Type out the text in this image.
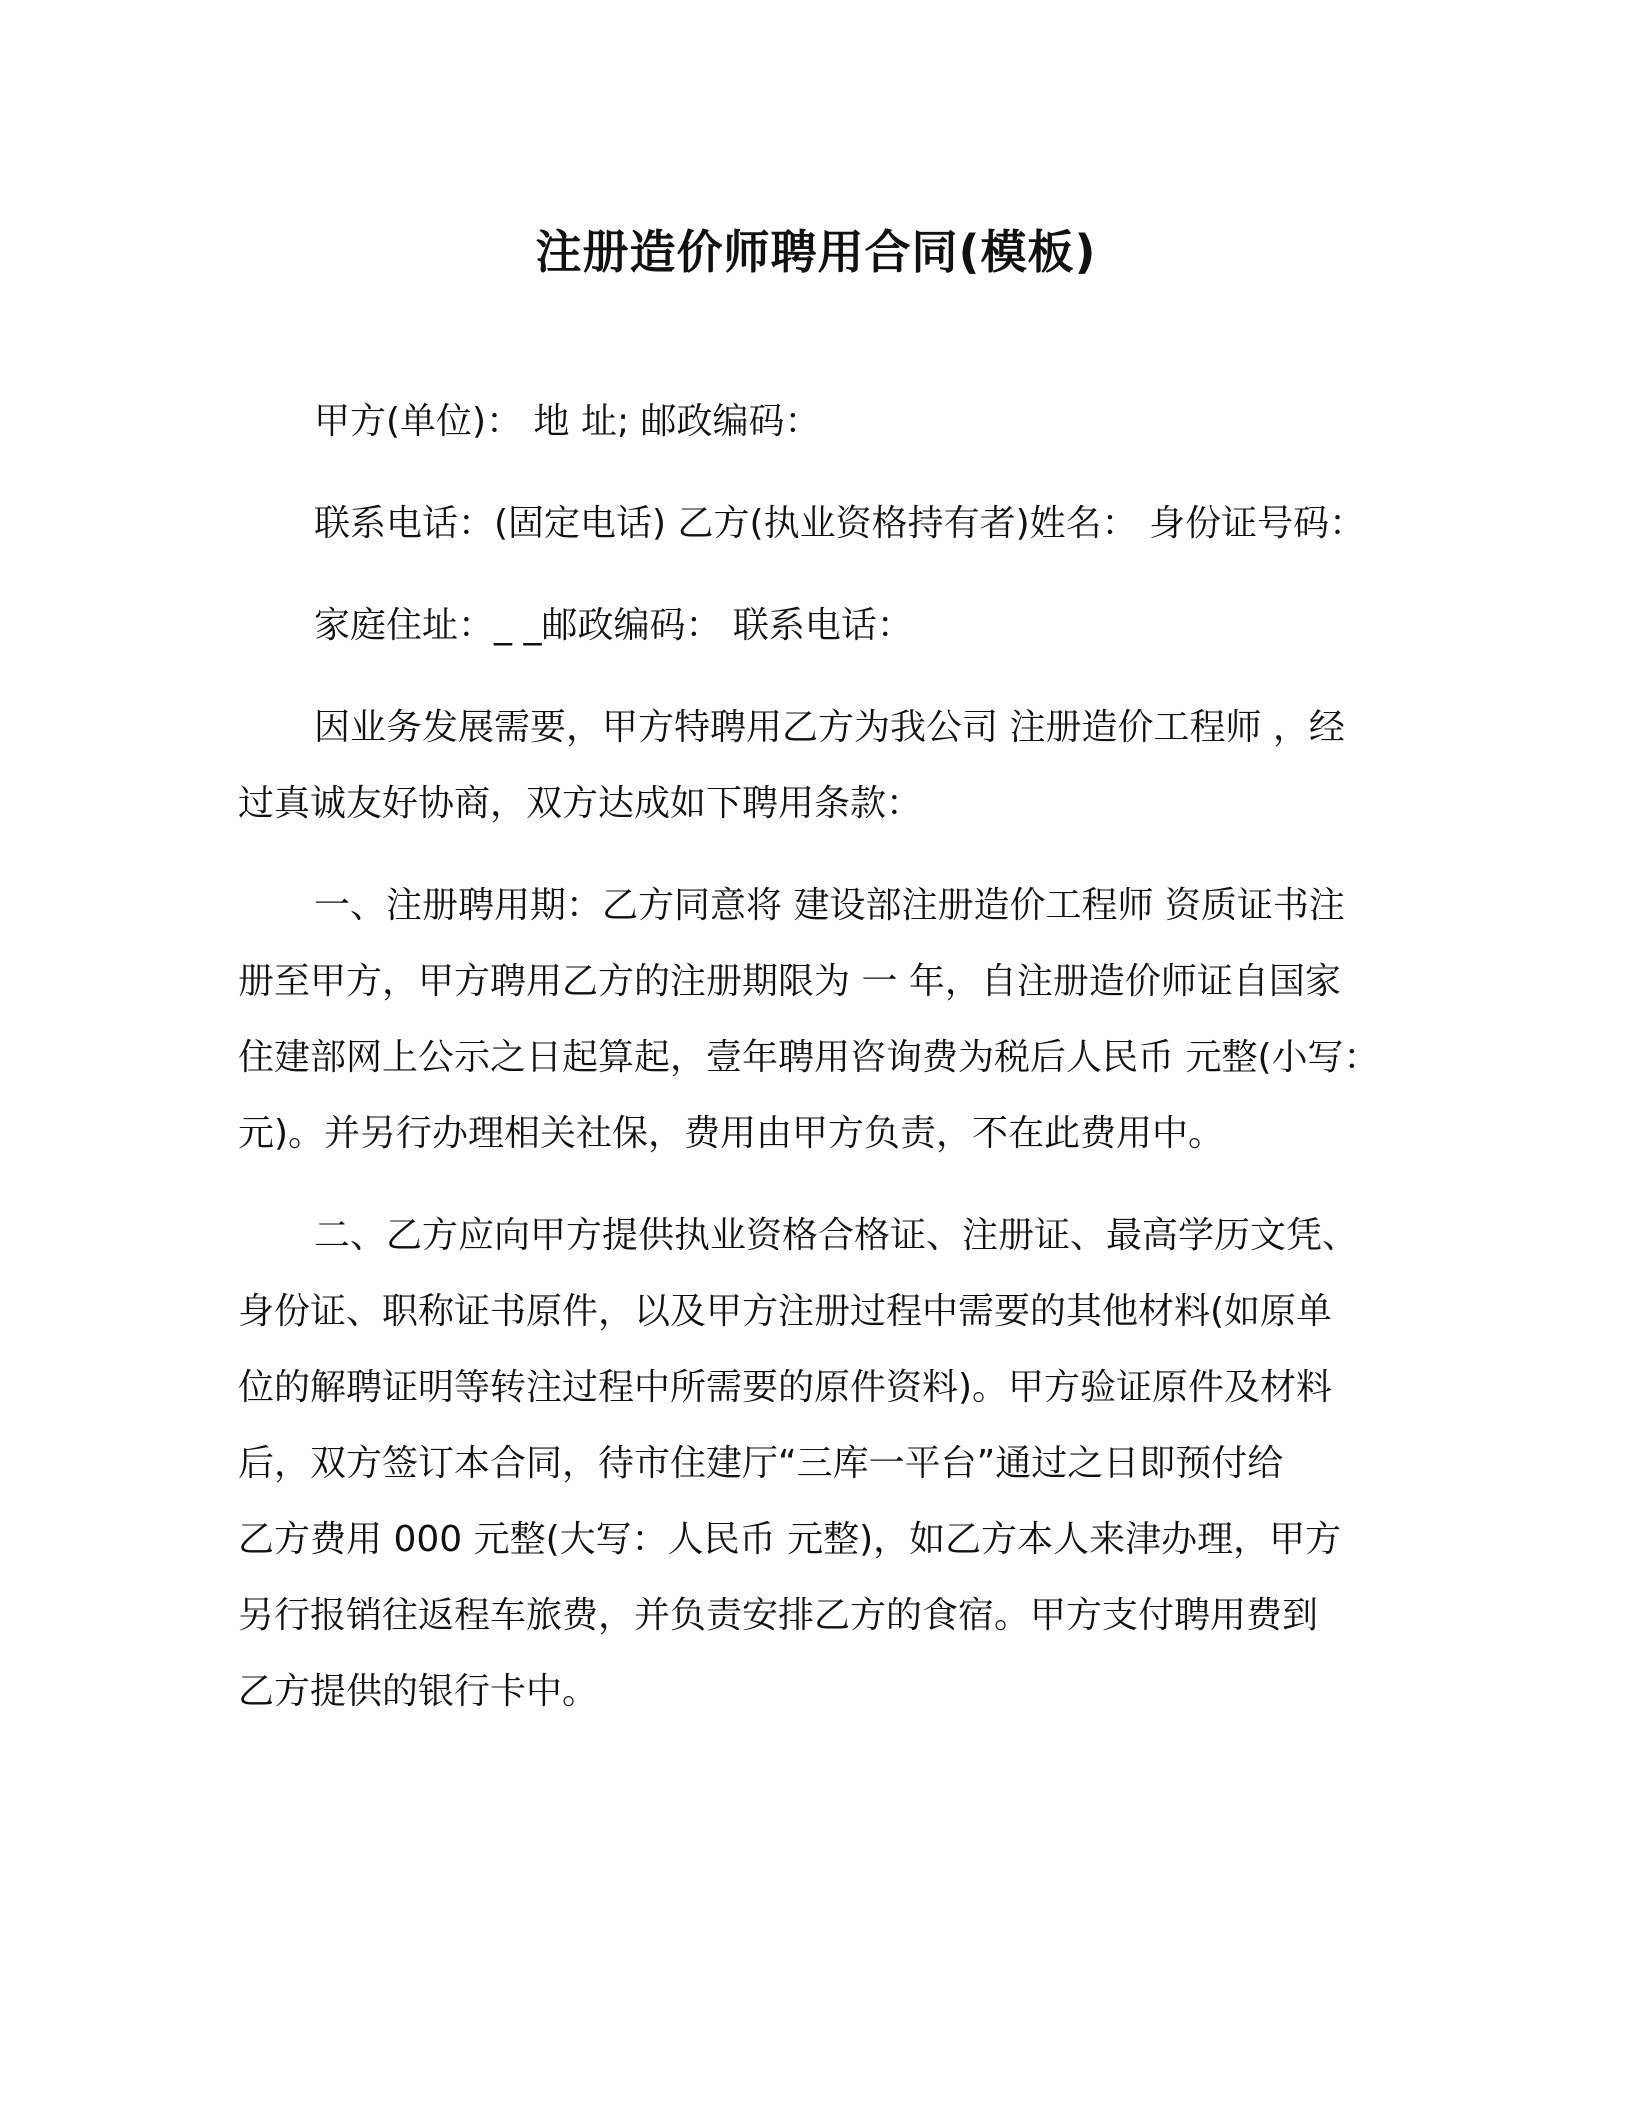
注册造价师聘用合同(模板)
甲方(单位)： 地 址; 邮政编码：
联系电话：(固定电话) 乙方(执业资格持有者)姓名： 身份证号码：
家庭住址：_ _邮政编码： 联系电话：
因业务发展需要，甲方特聘用乙方为我公司 注册造价工程师 ，经
过真诚友好协商，双方达成如下聘用条款：
一、注册聘用期：乙方同意将 建设部注册造价工程师 资质证书注
册至甲方，甲方聘用乙方的注册期限为 一 年，自注册造价师证自国家
住建部网上公示之日起算起，壹年聘用咨询费为税后人民币 元整(小写：
元)。并另行办理相关社保，费用由甲方负责，不在此费用中。
二、乙方应向甲方提供执业资格合格证、注册证、最高学历文凭、
身份证、职称证书原件，以及甲方注册过程中需要的其他材料(如原单
位的解聘证明等转注过程中所需要的原件资料)。甲方验证原件及材料
后，双方签订本合同，待市住建厅“三库一平台”通过之日即预付给
乙方费用 000 元整(大写：人民币 元整)，如乙方本人来津办理，甲方
另行报销往返程车旅费，并负责安排乙方的食宿。甲方支付聘用费到
乙方提供的银行卡中。
